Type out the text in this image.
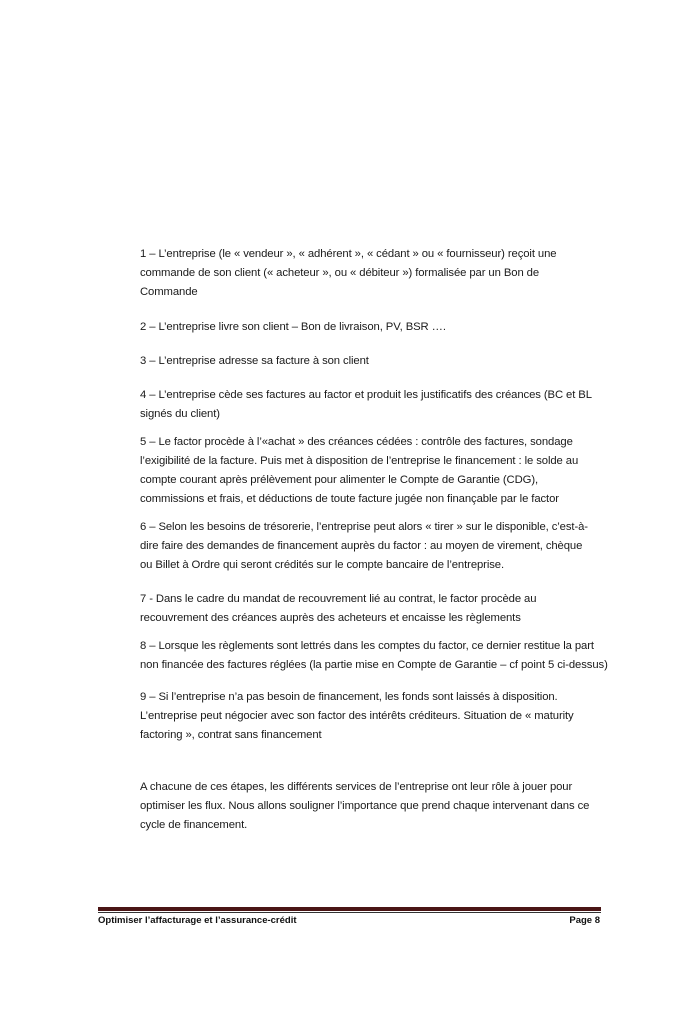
1 – L’entreprise (le « vendeur », « adhérent », « cédant » ou « fournisseur) reçoit une
commande de son client (« acheteur », ou « débiteur ») formalisée par un Bon de
Commande
2 – L’entreprise livre son client – Bon de livraison, PV, BSR ….
3 – L’entreprise adresse sa facture à son client
4 – L’entreprise cède ses factures au factor et produit les justificatifs des créances (BC et BL
signés du client)
5 – Le factor procède à l’«achat » des créances cédées : contrôle des factures, sondage
l’exigibilité de la facture. Puis met à disposition de l’entreprise le financement : le solde au
compte courant après prélèvement pour alimenter le Compte de Garantie (CDG),
commissions et frais, et déductions de toute facture jugée non finançable par le factor
6 – Selon les besoins de trésorerie, l’entreprise peut alors « tirer » sur le disponible, c’est-à-
dire faire des demandes de financement auprès du factor : au moyen de virement, chèque
ou Billet à Ordre qui seront crédités sur le compte bancaire de l’entreprise.
7 - Dans le cadre du mandat de recouvrement lié au contrat, le factor procède au
recouvrement des créances auprès des acheteurs et encaisse les règlements
8 – Lorsque les règlements sont lettrés dans les comptes du factor, ce dernier restitue la part
non financée des factures réglées (la partie mise en Compte de Garantie – cf point 5 ci-dessus)
9 – Si l’entreprise n’a pas besoin de financement, les fonds sont laissés à disposition.
L’entreprise peut négocier avec son factor des intérêts créditeurs. Situation de « maturity
factoring », contrat sans financement
A chacune de ces étapes, les différents services de l’entreprise ont leur rôle à jouer pour
optimiser les flux. Nous allons souligner l’importance que prend chaque intervenant dans ce
cycle de financement.
Optimiser l’affacturage et l’assurance-crédit	Page 8
